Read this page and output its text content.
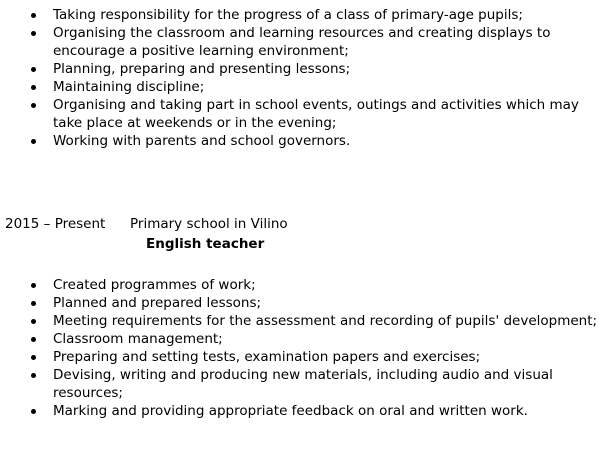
Taking responsibility for the progress of a class of primary-age pupils;
Organising the classroom and learning resources and creating displays to encourage a positive learning environment;
Planning, preparing and presenting lessons;
Maintaining discipline;
Organising and taking part in school events, outings and activities which may take place at weekends or in the evening;
Working with parents and school governors.
2015 – Present Primary school in Vilino
English teacher
Created programmes of work;
Planned and prepared lessons;
Meeting requirements for the assessment and recording of pupils' development;
Classroom management;
Preparing and setting tests, examination papers and exercises;
Devising, writing and producing new materials, including audio and visual resources;
Marking and providing appropriate feedback on oral and written work.
